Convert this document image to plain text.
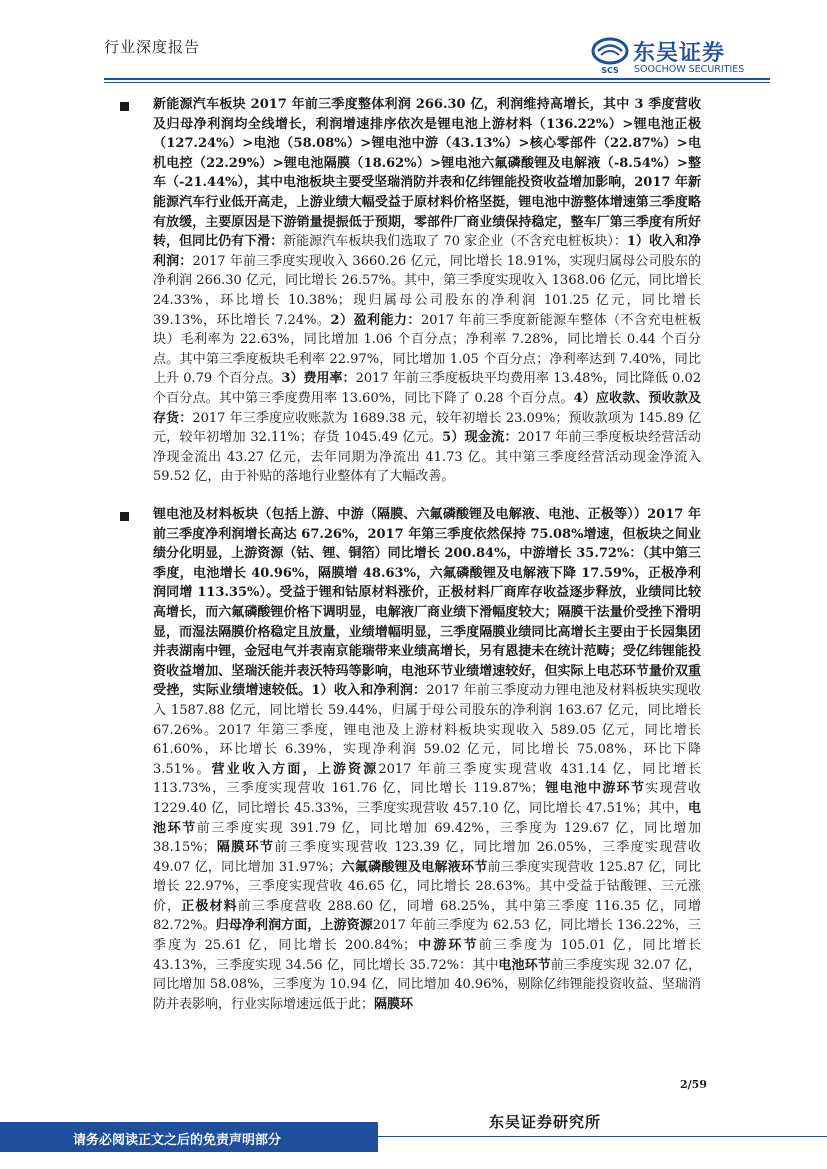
行业深度报告
SCS
东吴证券
SOOCHOW SECURITIES
新能源汽车板块 2017 年前三季度整体利润 266.30 亿，利润维持高增长，其中 3 季度营收及归母净利润均全线增长，利润增速排序依次是锂电池上游材料（136.22%）>锂电池正极（127.24%）>电池（58.08%）>锂电池中游（43.13%）>核心零部件（22.87%）>电机电控（22.29%）>锂电池隔膜（18.62%）>锂电池六氟磷酸锂及电解液（-8.54%）>整车（-21.44%），其中电池板块主要受坚瑞消防并表和亿纬锂能投资收益增加影响，2017 年新能源汽车行业低开高走，上游业绩大幅受益于原材料价格坚挺，锂电池中游整体增速第三季度略有放缓，主要原因是下游销量提振低于预期，零部件厂商业绩保持稳定，整车厂第三季度有所好转，但同比仍有下滑：新能源汽车板块我们选取了 70 家企业（不含充电桩板块）：1）收入和净利润：2017 年前三季度实现收入 3660.26 亿元，同比增长 18.91%，实现归属母公司股东的净利润 266.30 亿元，同比增长 26.57%。其中，第三季度实现收入 1368.06 亿元，同比增长 24.33%，环比增长 10.38%；现归属母公司股东的净利润 101.25 亿元，同比增长 39.13%，环比增长 7.24%。2）盈利能力：2017 年前三季度新能源车整体（不含充电桩板块）毛利率为 22.63%，同比增加 1.06 个百分点；净利率 7.28%，同比增长 0.44 个百分点。其中第三季度板块毛利率 22.97%，同比增加 1.05 个百分点；净利率达到 7.40%，同比上升 0.79 个百分点。3）费用率：2017 年前三季度板块平均费用率 13.48%，同比降低 0.02 个百分点。其中第三季度费用率 13.60%，同比下降了 0.28 个百分点。4）应收款、预收款及存货：2017 年三季度应收账款为 1689.38 元，较年初增长 23.09%；预收款项为 145.89 亿元，较年初增加 32.11%；存货 1045.49 亿元。5）现金流：2017 年前三季度板块经营活动净现金流出 43.27 亿元，去年同期为净流出 41.73 亿。其中第三季度经营活动现金净流入 59.52 亿，由于补贴的落地行业整体有了大幅改善。
锂电池及材料板块（包括上游、中游（隔膜、六氟磷酸锂及电解液、电池、正极等））2017 年前三季度净利润增长高达 67.26%，2017 年第三季度依然保持 75.08%增速，但板块之间业绩分化明显，上游资源（钴、锂、铜箔）同比增长 200.84%，中游增长 35.72%：（其中第三季度，电池增长 40.96%，隔膜增 48.63%，六氟磷酸锂及电解液下降 17.59%，正极净利润同增 113.35%）。受益于锂和钴原材料涨价，正极材料厂商库存收益逐步释放，业绩同比较高增长，而六氟磷酸锂价格下调明显，电解液厂商业绩下滑幅度较大；隔膜干法量价受挫下滑明显，而湿法隔膜价格稳定且放量，业绩增幅明显，三季度隔膜业绩同比高增长主要由于长园集团并表湖南中锂，金冠电气并表南京能瑞带来业绩高增长，另有恩捷未在统计范畴；受亿纬锂能投资收益增加、坚瑞沃能并表沃特玛等影响，电池环节业绩增速较好，但实际上电芯环节量价双重受挫，实际业绩增速较低。1）收入和净利润：2017 年前三季度动力锂电池及材料板块实现收入 1587.88 亿元，同比增长 59.44%，归属于母公司股东的净利润 163.67 亿元，同比增长 67.26%。2017 年第三季度，锂电池及上游材料板块实现收入 589.05 亿元，同比增长 61.60%，环比增长 6.39%，实现净利润 59.02 亿元，同比增长 75.08%，环比下降 3.51%。营业收入方面，上游资源2017 年前三季度实现营收 431.14 亿，同比增长 113.73%，三季度实现营收 161.76 亿，同比增长 119.87%；锂电池中游环节实现营收 1229.40 亿，同比增长 45.33%，三季度实现营收 457.10 亿，同比增长 47.51%；其中，电池环节前三季度实现 391.79 亿，同比增加 69.42%，三季度为 129.67 亿，同比增加 38.15%；隔膜环节前三季度实现营收 123.39 亿，同比增加 26.05%，三季度实现营收 49.07 亿，同比增加 31.97%；六氟磷酸锂及电解液环节前三季度实现营收 125.87 亿，同比增长 22.97%，三季度实现营收 46.65 亿，同比增长 28.63%。其中受益于钴酸锂、三元涨价，正极材料前三季度营收 288.60 亿，同增 68.25%，其中第三季度 116.35 亿，同增 82.72%。归母净利润方面，上游资源2017 年前三季度为 62.53 亿，同比增长 136.22%，三季度为 25.61 亿，同比增长 200.84%；中游环节前三季度为 105.01 亿，同比增长 43.13%，三季度实现 34.56 亿，同比增长 35.72%：其中电池环节前三季度实现 32.07 亿，同比增加 58.08%，三季度为 10.94 亿，同比增加 40.96%，剔除亿纬锂能投资收益、坚瑞消防并表影响，行业实际增速远低于此；隔膜环
2/59
请务必阅读正文之后的免责声明部分
东吴证券研究所
